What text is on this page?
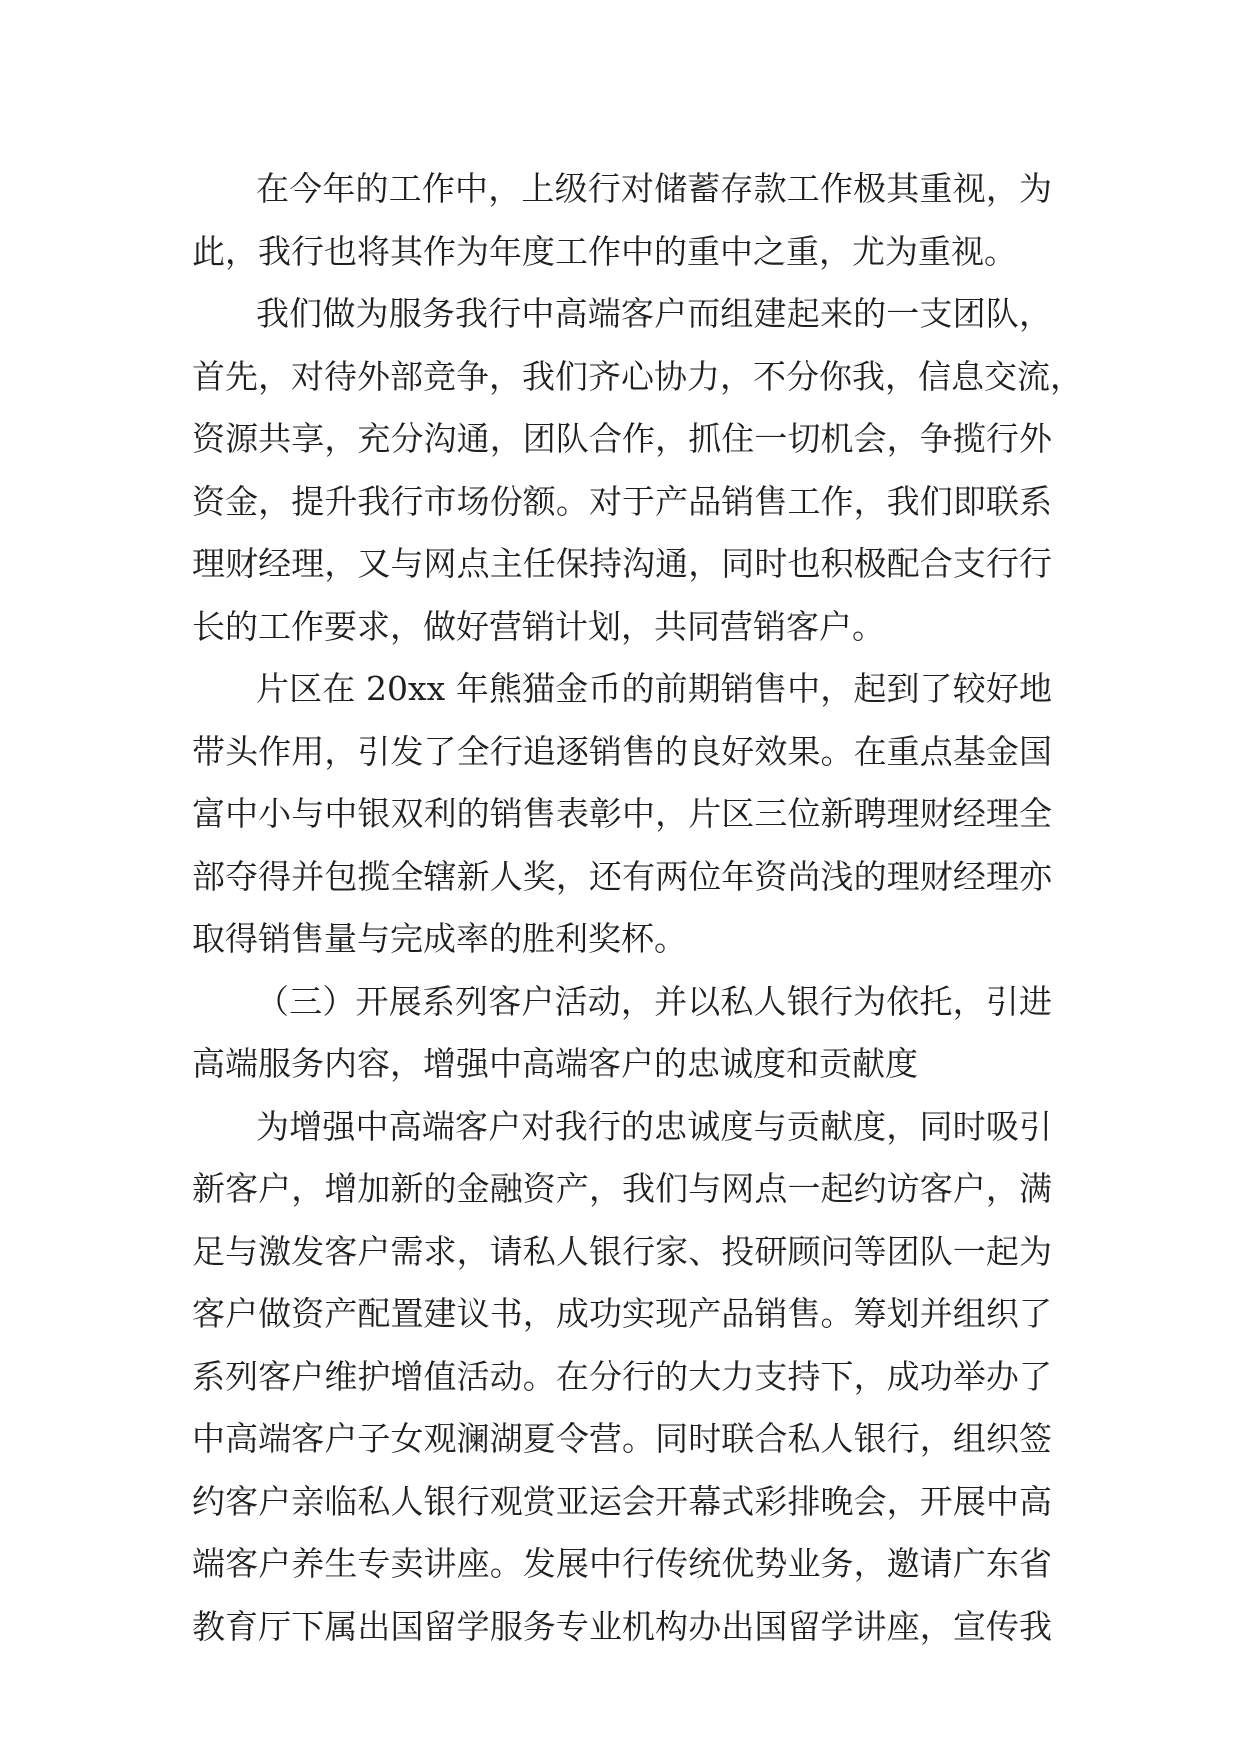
在今年的工作中，上级行对储蓄存款工作极其重视，为
此，我行也将其作为年度工作中的重中之重，尤为重视。
我们做为服务我行中高端客户而组建起来的一支团队，
首先，对待外部竞争，我们齐心协力，不分你我，信息交流，
资源共享，充分沟通，团队合作，抓住一切机会，争揽行外
资金，提升我行市场份额。对于产品销售工作，我们即联系
理财经理，又与网点主任保持沟通，同时也积极配合支行行
长的工作要求，做好营销计划，共同营销客户。
片区在 20xx 年熊猫金币的前期销售中，起到了较好地
带头作用，引发了全行追逐销售的良好效果。在重点基金国
富中小与中银双利的销售表彰中，片区三位新聘理财经理全
部夺得并包揽全辖新人奖，还有两位年资尚浅的理财经理亦
取得销售量与完成率的胜利奖杯。
（三）开展系列客户活动，并以私人银行为依托，引进
高端服务内容，增强中高端客户的忠诚度和贡献度
为增强中高端客户对我行的忠诚度与贡献度，同时吸引
新客户，增加新的金融资产，我们与网点一起约访客户，满
足与激发客户需求，请私人银行家、投研顾问等团队一起为
客户做资产配置建议书，成功实现产品销售。筹划并组织了
系列客户维护增值活动。在分行的大力支持下，成功举办了
中高端客户子女观澜湖夏令营。同时联合私人银行，组织签
约客户亲临私人银行观赏亚运会开幕式彩排晚会，开展中高
端客户养生专卖讲座。发展中行传统优势业务，邀请广东省
教育厅下属出国留学服务专业机构办出国留学讲座，宣传我
